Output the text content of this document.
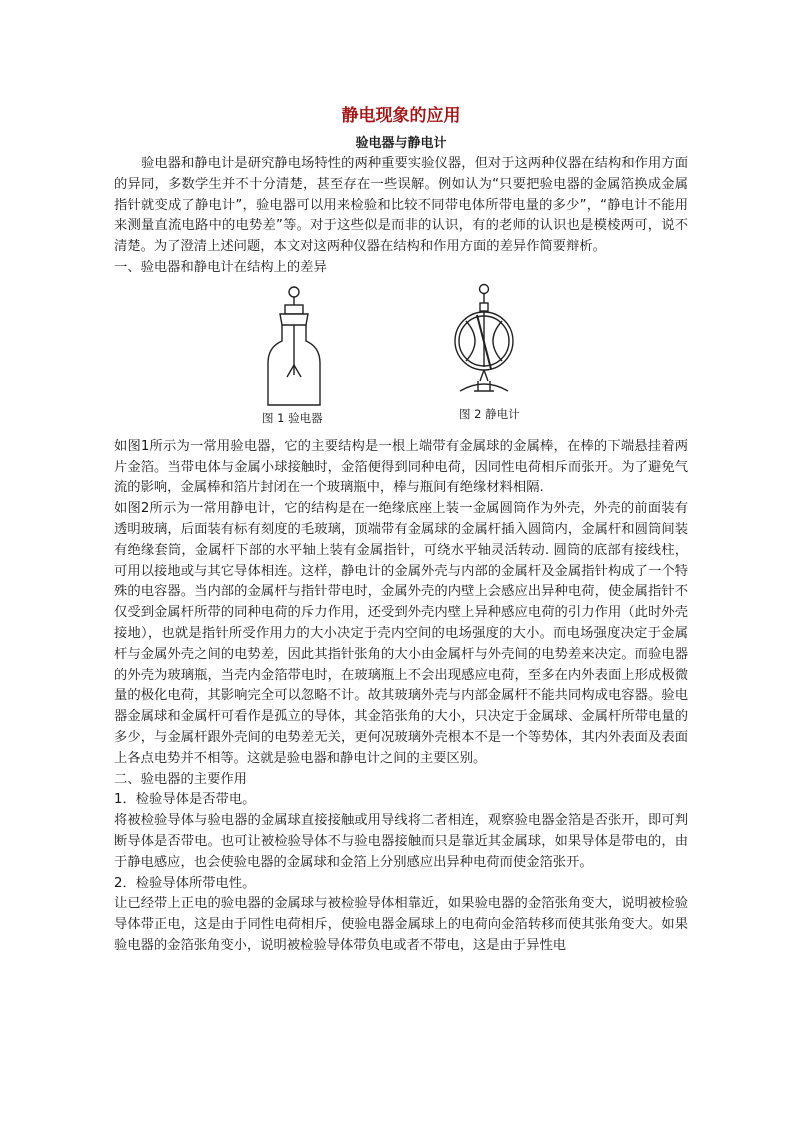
静电现象的应用
验电器与静电计

验电器和静电计是研究静电场特性的两种重要实验仪器，但对于这两种仪器在结构和作用方面的异同，多数学生并不十分清楚，甚至存在一些误解。例如认为“只要把验电器的金属箔换成金属指针就变成了静电计”，验电器可以用来检验和比较不同带电体所带电量的多少”，“静电计不能用来测量直流电路中的电势差”等。对于这些似是而非的认识，有的老师的认识也是模棱两可，说不清楚。为了澄清上述问题，本文对这两种仪器在结构和作用方面的差异作简要辩析。

一、验电器和静电计在结构上的差异
图 1 验电器	图 2 静电计

如图1所示为一常用验电器，它的主要结构是一根上端带有金属球的金属棒，在棒的下端悬挂着两片金箔。当带电体与金属小球接触时，金箔便得到同种电荷，因同性电荷相斥而张开。为了避免气流的影响，金属棒和箔片封闭在一个玻璃瓶中，棒与瓶间有绝缘材料相隔.

如图2所示为一常用静电计，它的结构是在一绝缘底座上装一金属圆筒作为外壳，外壳的前面装有透明玻璃，后面装有标有刻度的毛玻璃，顶端带有金属球的金属杆插入圆筒内，金属杆和圆筒间装有绝缘套筒，金属杆下部的水平轴上装有金属指针，可绕水平轴灵活转动. 圆筒的底部有接线柱，可用以接地或与其它导体相连。这样，静电计的金属外壳与内部的金属杆及金属指针构成了一个特殊的电容器。当内部的金属杆与指针带电时，金属外壳的内壁上会感应出异种电荷，使金属指针不仅受到金属杆所带的同种电荷的斥力作用，还受到外壳内壁上异种感应电荷的引力作用（此时外壳接地），也就是指针所受作用力的大小决定于壳内空间的电场强度的大小。而电场强度决定于金属杆与金属外壳之间的电势差，因此其指针张角的大小由金属杆与外壳间的电势差来决定。而验电器的外壳为玻璃瓶，当壳内金箔带电时，在玻璃瓶上不会出现感应电荷，至多在内外表面上形成极微量的极化电荷，其影响完全可以忽略不计。故其玻璃外壳与内部金属杆不能共同构成电容器。验电器金属球和金属杆可看作是孤立的导体，其金箔张角的大小，只决定于金属球、金属杆所带电量的多少，与金属杆跟外壳间的电势差无关，更何况玻璃外壳根本不是一个等势体，其内外表面及表面上各点电势并不相等。这就是验电器和静电计之间的主要区别。

二、验电器的主要作用
1．检验导体是否带电。

将被检验导体与验电器的金属球直接接触或用导线将二者相连，观察验电器金箔是否张开，即可判断导体是否带电。也可让被检验导体不与验电器接触而只是靠近其金属球，如果导体是带电的，由于静电感应，也会使验电器的金属球和金箔上分别感应出异种电荷而使金箔张开。

2．检验导体所带电性。

让已经带上正电的验电器的金属球与被检验导体相靠近，如果验电器的金箔张角变大，说明被检验导体带正电，这是由于同性电荷相斥，使验电器金属球上的电荷向金箔转移而使其张角变大。如果验电器的金箔张角变小，说明被检验导体带负电或者不带电，这是由于异性电
